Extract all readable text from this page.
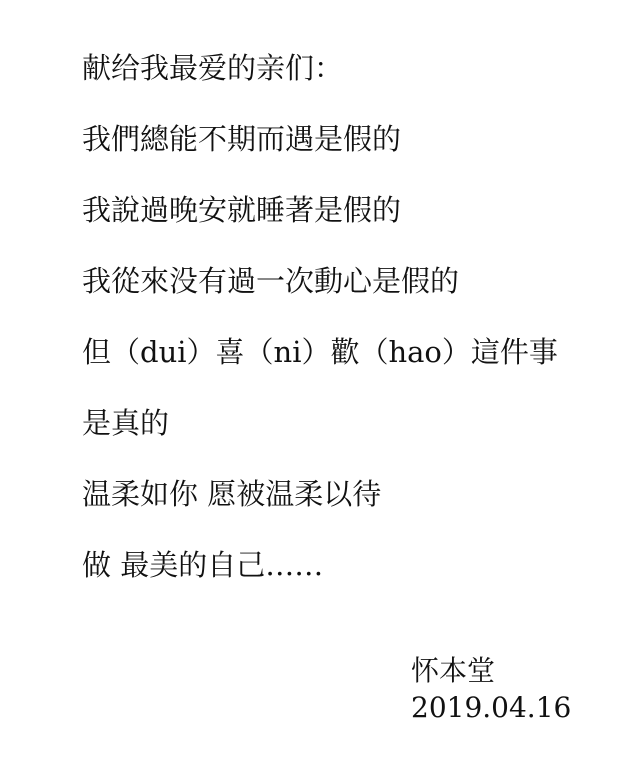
献给我最爱的亲们：
我們總能不期而遇是假的
我說過晚安就睡著是假的
我從來没有過一次動心是假的
但（dui）喜（ni）歡（hao）這件事
是真的
温柔如你 愿被温柔以待
做 最美的自己……
怀本堂
2019.04.16
